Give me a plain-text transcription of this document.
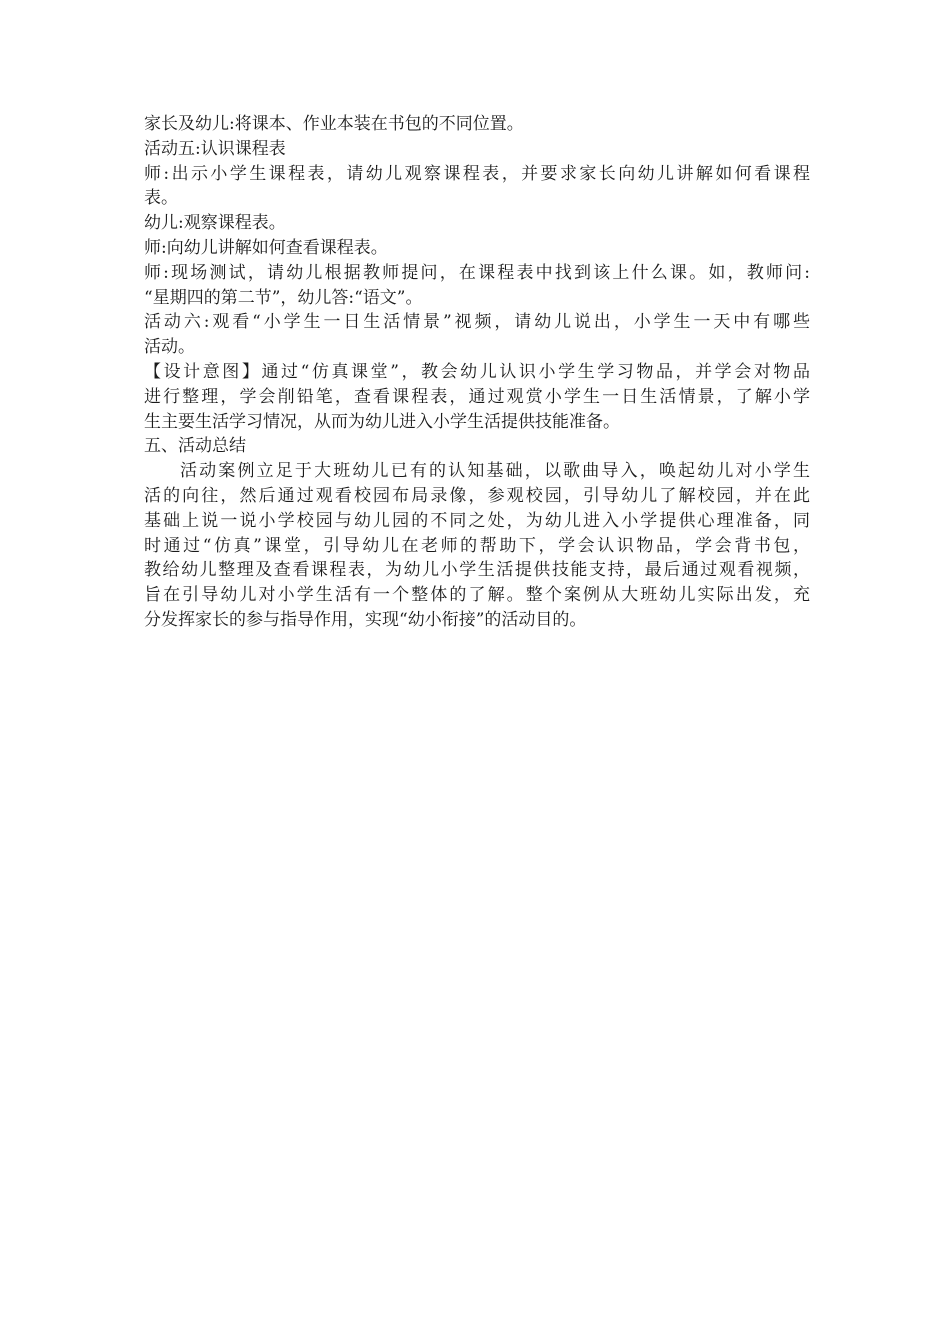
家长及幼儿:将课本、作业本装在书包的不同位置。
活动五:认识课程表
师:出示小学生课程表，请幼儿观察课程表，并要求家长向幼儿讲解如何看课程
表。
幼儿:观察课程表。
师:向幼儿讲解如何查看课程表。
师:现场测试，请幼儿根据教师提问，在课程表中找到该上什么课。如，教师问:
“星期四的第二节”，幼儿答:“语文”。
活动六:观看“小学生一日生活情景”视频，请幼儿说出，小学生一天中有哪些
活动。
【设计意图】通过“仿真课堂”，教会幼儿认识小学生学习物品，并学会对物品
进行整理，学会削铅笔，查看课程表，通过观赏小学生一日生活情景，了解小学
生主要生活学习情况，从而为幼儿进入小学生活提供技能准备。
五、活动总结
活动案例立足于大班幼儿已有的认知基础，以歌曲导入，唤起幼儿对小学生
活的向往，然后通过观看校园布局录像，参观校园，引导幼儿了解校园，并在此
基础上说一说小学校园与幼儿园的不同之处，为幼儿进入小学提供心理准备，同
时通过“仿真”课堂，引导幼儿在老师的帮助下，学会认识物品，学会背书包，
教给幼儿整理及查看课程表，为幼儿小学生活提供技能支持，最后通过观看视频，
旨在引导幼儿对小学生活有一个整体的了解。整个案例从大班幼儿实际出发，充
分发挥家长的参与指导作用，实现“幼小衔接”的活动目的。
